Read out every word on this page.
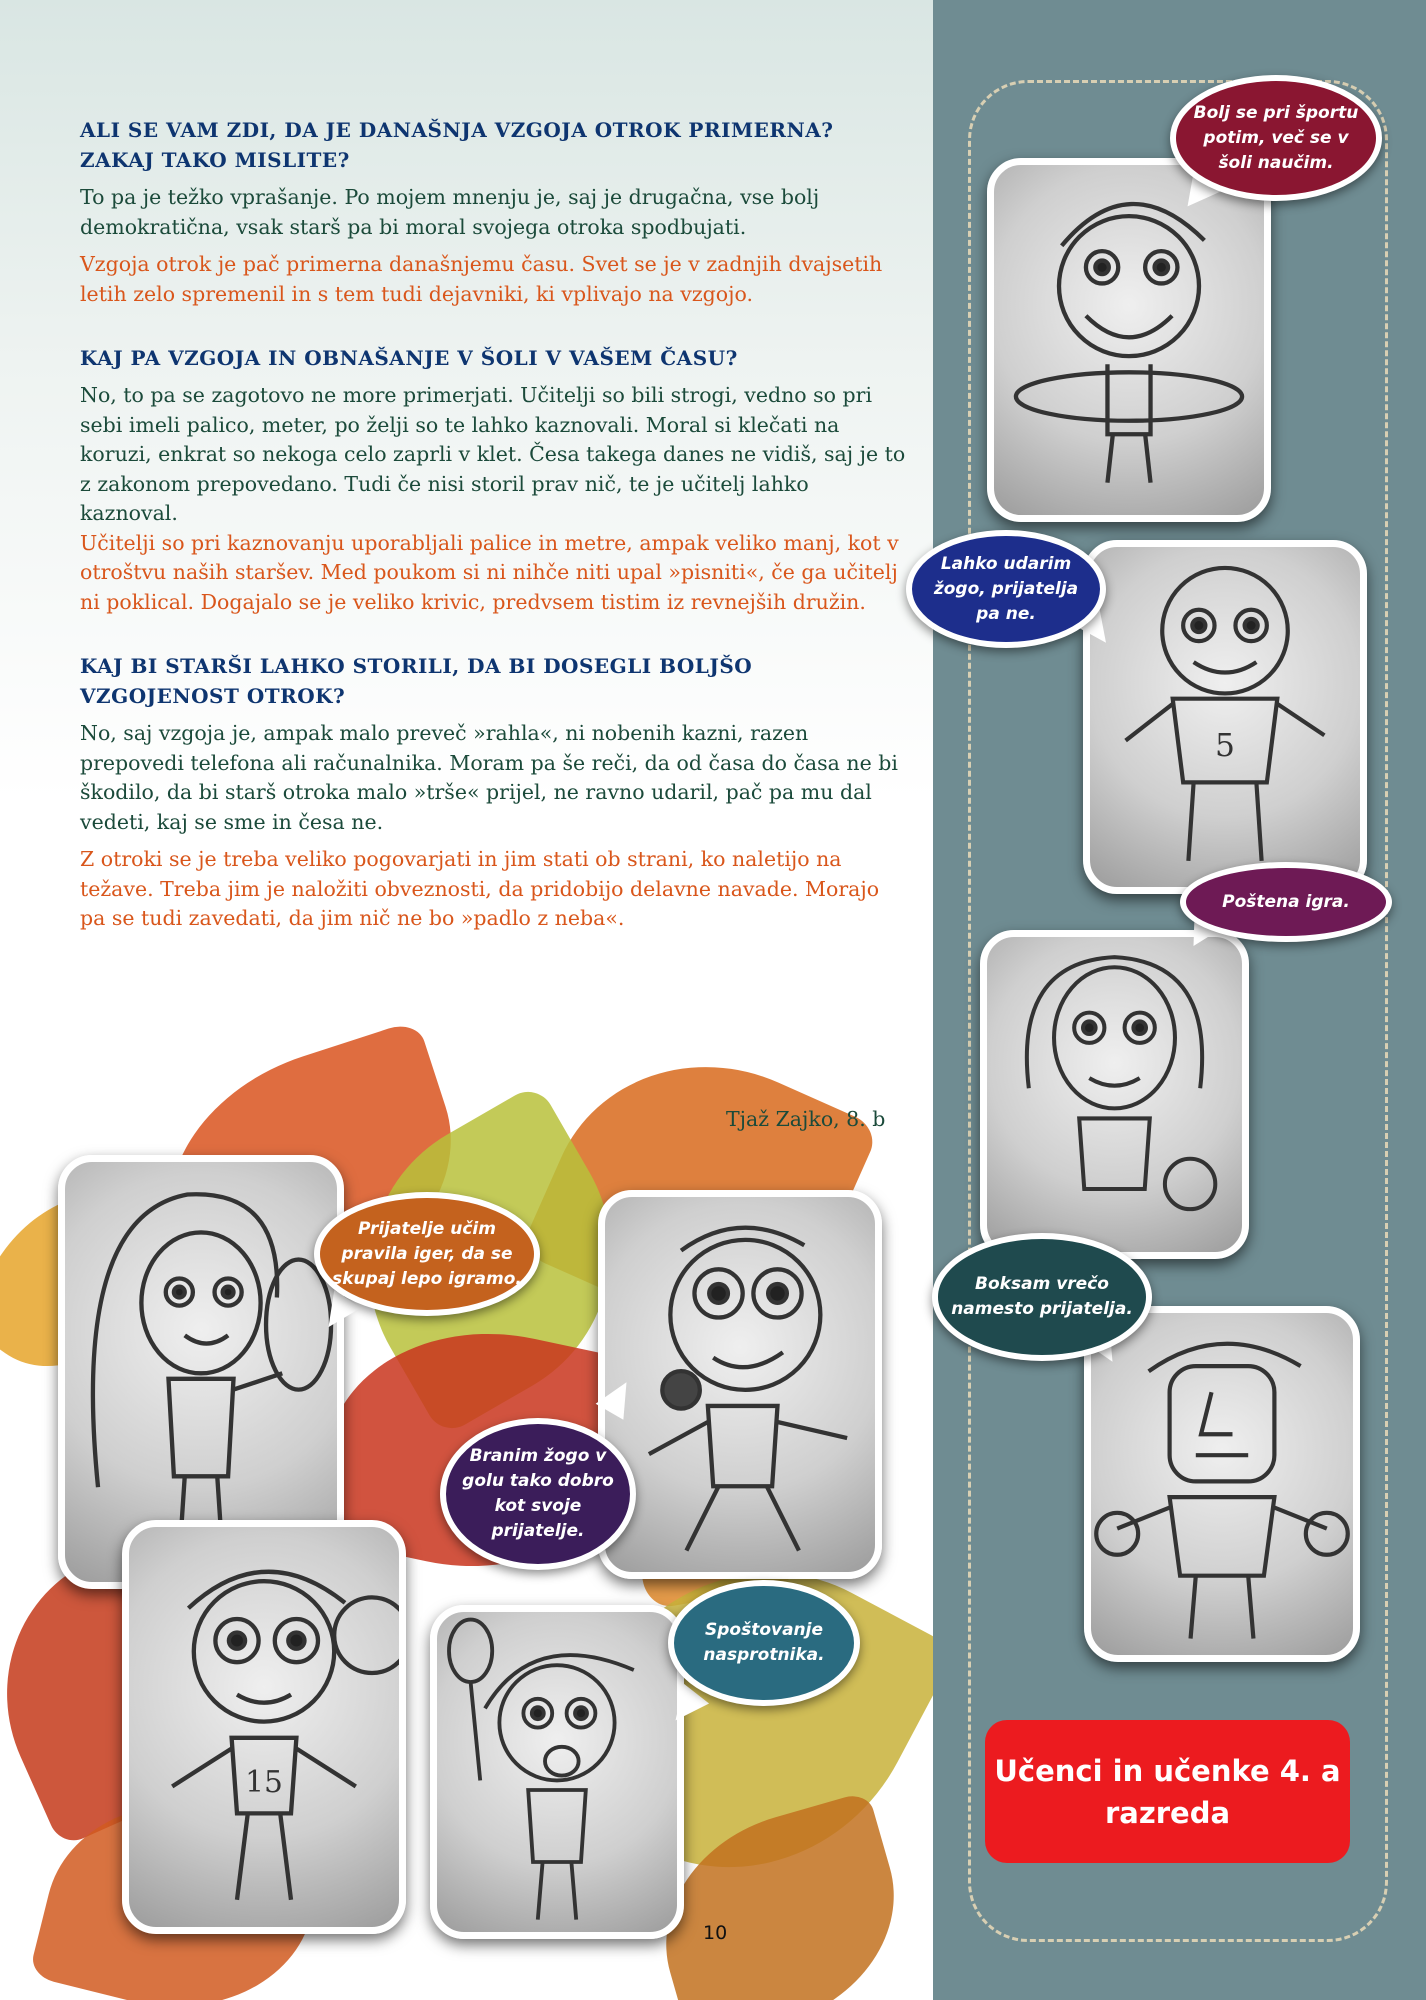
ALI SE VAM ZDI, DA JE DANAŠNJA VZGOJA OTROK PRIMERNA? ZAKAJ TAKO MISLITE?

To pa je težko vprašanje. Po mojem mnenju je, saj je drugačna, vse bolj demokratična, vsak starš pa bi moral svojega otroka spodbujati.

Vzgoja otrok je pač primerna današnjemu času. Svet se je v zadnjih dvajsetih letih zelo spremenil in s tem tudi dejavniki, ki vplivajo na vzgojo.

KAJ PA VZGOJA IN OBNAŠANJE V ŠOLI V VAŠEM ČASU?

No, to pa se zagotovo ne more primerjati. Učitelji so bili strogi, vedno so pri sebi imeli palico, meter, po želji so te lahko kaznovali. Moral si klečati na koruzi, enkrat so nekoga celo zaprli v klet. Česa takega danes ne vidiš, saj je to z zakonom prepovedano. Tudi če nisi storil prav nič, te je učitelj lahko kaznoval.

Učitelji so pri kaznovanju uporabljali palice in metre, ampak veliko manj, kot v otroštvu naših staršev. Med poukom si ni nihče niti upal »pisniti«, če ga učitelj ni poklical. Dogajalo se je veliko krivic, predvsem tistim iz revnejših družin.

KAJ BI STARŠI LAHKO STORILI, DA BI DOSEGLI BOLJŠO VZGOJENOST OTROK?

No, saj vzgoja je, ampak malo preveč »rahla«, ni nobenih kazni, razen prepovedi telefona ali računalnika. Moram pa še reči, da od časa do časa ne bi škodilo, da bi starš otroka malo »trše« prijel, ne ravno udaril, pač pa mu dal vedeti, kaj se sme in česa ne.

Z otroki se je treba veliko pogovarjati in jim stati ob strani, ko naletijo na težave. Treba jim je naložiti obveznosti, da pridobijo delavne navade. Morajo pa se tudi zavedati, da jim nič ne bo »padlo z neba«.

Tjaž Zajko, 8. b
5
15
Bolj se pri športu potim, več se v šoli naučim.
Lahko udarim žogo, prijatelja pa ne.
Poštena igra.
Boksam vrečo namesto prijatelja.
Prijatelje učim pravila iger, da se skupaj lepo igramo.
Branim žogo v golu tako dobro kot svoje prijatelje.
Spoštovanje nasprotnika.
Učenci in učenke 4. a razreda
10
